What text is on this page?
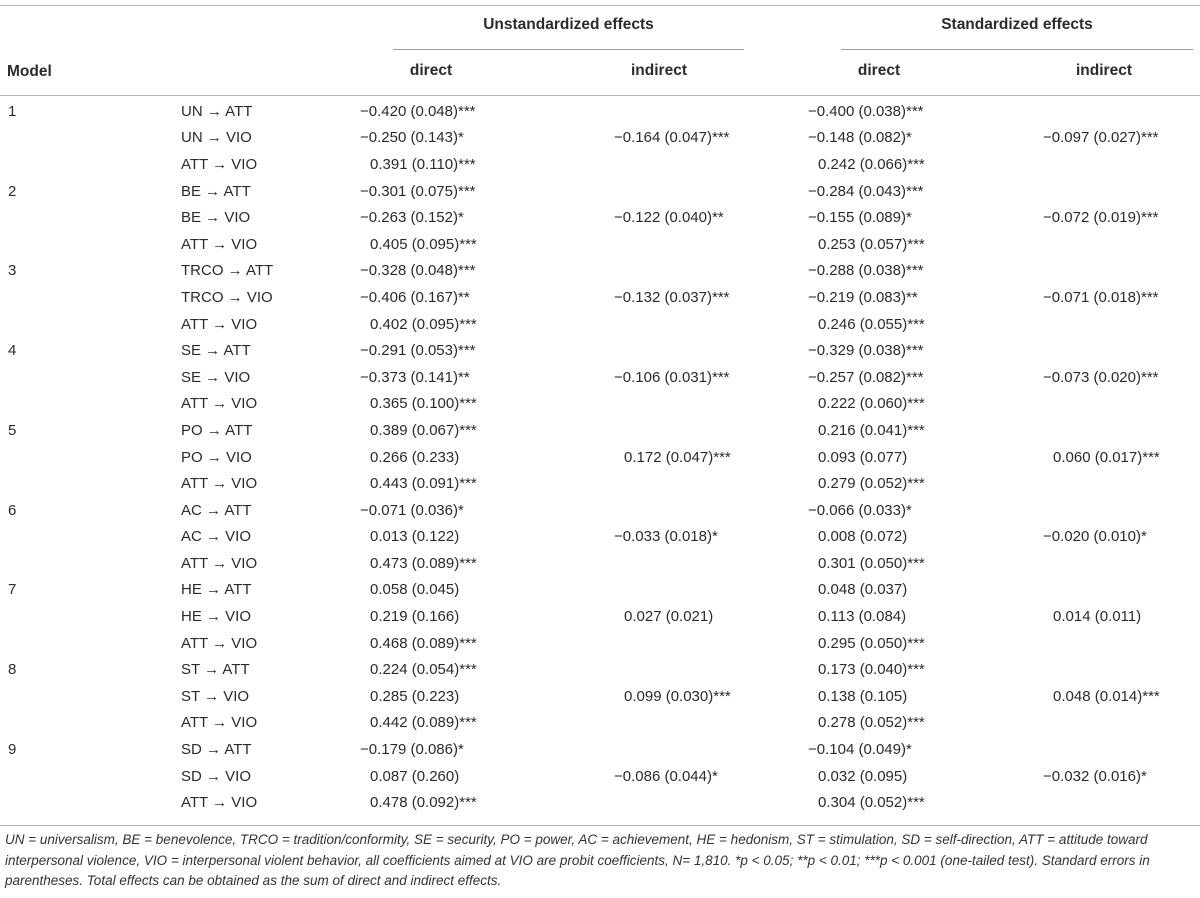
Unstandardized effects	Standardized effects
Model	direct	indirect	direct	indirect
1	UN → ATT	−0.420 (0.048)***		−0.400 (0.038)***	
	UN → VIO	−0.250 (0.143)*	−0.164 (0.047)***	−0.148 (0.082)*	−0.097 (0.027)***
	ATT → VIO	0.391 (0.110)***		0.242 (0.066)***	
2	BE → ATT	−0.301 (0.075)***		−0.284 (0.043)***	
	BE → VIO	−0.263 (0.152)*	−0.122 (0.040)**	−0.155 (0.089)*	−0.072 (0.019)***
	ATT → VIO	0.405 (0.095)***		0.253 (0.057)***	
3	TRCO → ATT	−0.328 (0.048)***		−0.288 (0.038)***	
	TRCO → VIO	−0.406 (0.167)**	−0.132 (0.037)***	−0.219 (0.083)**	−0.071 (0.018)***
	ATT → VIO	0.402 (0.095)***		0.246 (0.055)***	
4	SE → ATT	−0.291 (0.053)***		−0.329 (0.038)***	
	SE → VIO	−0.373 (0.141)**	−0.106 (0.031)***	−0.257 (0.082)***	−0.073 (0.020)***
	ATT → VIO	0.365 (0.100)***		0.222 (0.060)***	
5	PO → ATT	0.389 (0.067)***		0.216 (0.041)***	
	PO → VIO	0.266 (0.233)	0.172 (0.047)***	0.093 (0.077)	0.060 (0.017)***
	ATT → VIO	0.443 (0.091)***		0.279 (0.052)***	
6	AC → ATT	−0.071 (0.036)*		−0.066 (0.033)*	
	AC → VIO	0.013 (0.122)	−0.033 (0.018)*	0.008 (0.072)	−0.020 (0.010)*
	ATT → VIO	0.473 (0.089)***		0.301 (0.050)***	
7	HE → ATT	0.058 (0.045)		0.048 (0.037)	
	HE → VIO	0.219 (0.166)	0.027 (0.021)	0.113 (0.084)	0.014 (0.011)
	ATT → VIO	0.468 (0.089)***		0.295 (0.050)***	
8	ST → ATT	0.224 (0.054)***		0.173 (0.040)***	
	ST → VIO	0.285 (0.223)	0.099 (0.030)***	0.138 (0.105)	0.048 (0.014)***
	ATT → VIO	0.442 (0.089)***		0.278 (0.052)***	
9	SD → ATT	−0.179 (0.086)*		−0.104 (0.049)*	
	SD → VIO	0.087 (0.260)	−0.086 (0.044)*	0.032 (0.095)	−0.032 (0.016)*
	ATT → VIO	0.478 (0.092)***		0.304 (0.052)***	
UN = universalism, BE = benevolence, TRCO = tradition/conformity, SE = security, PO = power, AC = achievement, HE = hedonism, ST = stimulation, SD = self-direction, ATT = attitude toward interpersonal violence, VIO = interpersonal violent behavior, all coefficients aimed at VIO are probit coefficients, N= 1,810. *p < 0.05; **p < 0.01; ***p < 0.001 (one-tailed test). Standard errors in parentheses. Total effects can be obtained as the sum of direct and indirect effects.
